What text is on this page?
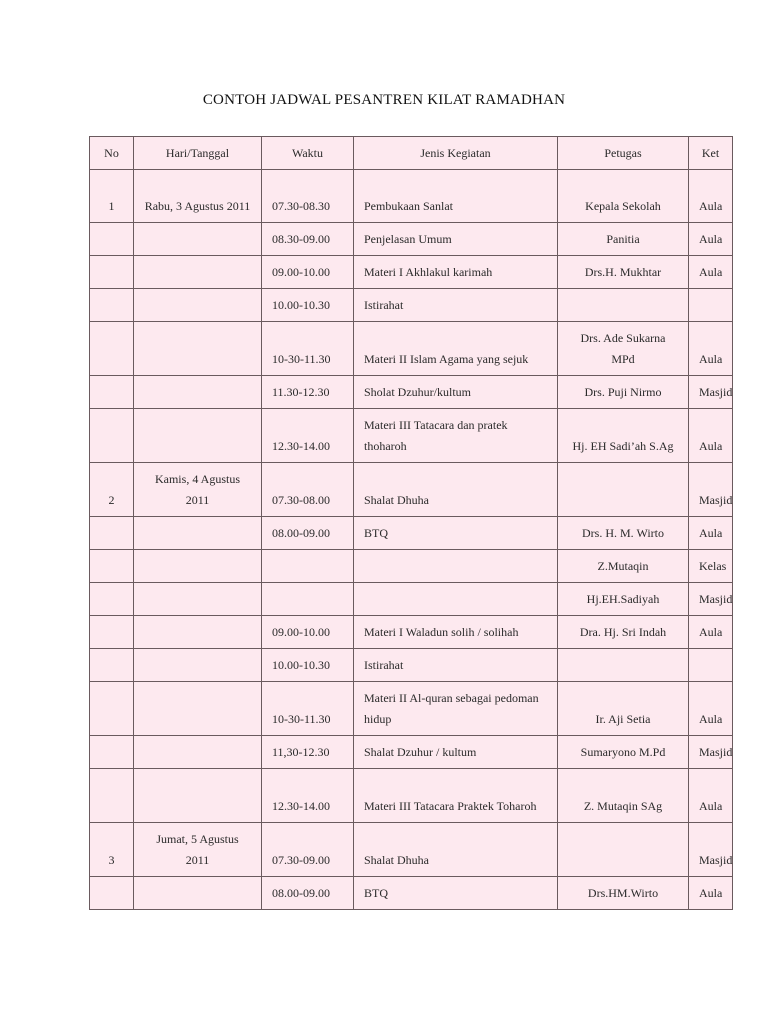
CONTOH JADWAL PESANTREN KILAT RAMADHAN
No	Hari/Tanggal	Waktu	Jenis Kegiatan	Petugas	Ket
1	Rabu, 3 Agustus 2011	07.30-08.30	Pembukaan Sanlat	Kepala Sekolah	Aula
		08.30-09.00	Penjelasan Umum	Panitia	Aula
		09.00-10.00	Materi I Akhlakul karimah	Drs.H. Mukhtar	Aula
		10.00-10.30	Istirahat		
		10-30-11.30	Materi II Islam Agama yang sejuk	Drs. Ade Sukarna MPd	Aula
		11.30-12.30	Sholat Dzuhur/kultum	Drs. Puji Nirmo	Masjid
		12.30-14.00	Materi III Tatacara dan pratek thoharoh	Hj. EH Sadi’ah S.Ag	Aula
2	Kamis, 4 Agustus 2011	07.30-08.00	Shalat Dhuha		Masjid
		08.00-09.00	BTQ	Drs. H. M. Wirto	Aula
				Z.Mutaqin	Kelas
				Hj.EH.Sadiyah	Masjid
		09.00-10.00	Materi I Waladun solih / solihah	Dra. Hj. Sri Indah	Aula
		10.00-10.30	Istirahat		
		10-30-11.30	Materi II Al-quran sebagai pedoman hidup	Ir. Aji Setia	Aula
		11,30-12.30	Shalat Dzuhur / kultum	Sumaryono M.Pd	Masjid
		12.30-14.00	Materi III Tatacara Praktek Toharoh	Z. Mutaqin SAg	Aula
3	Jumat, 5 Agustus 2011	07.30-09.00	Shalat Dhuha		Masjid
		08.00-09.00	BTQ	Drs.HM.Wirto	Aula
